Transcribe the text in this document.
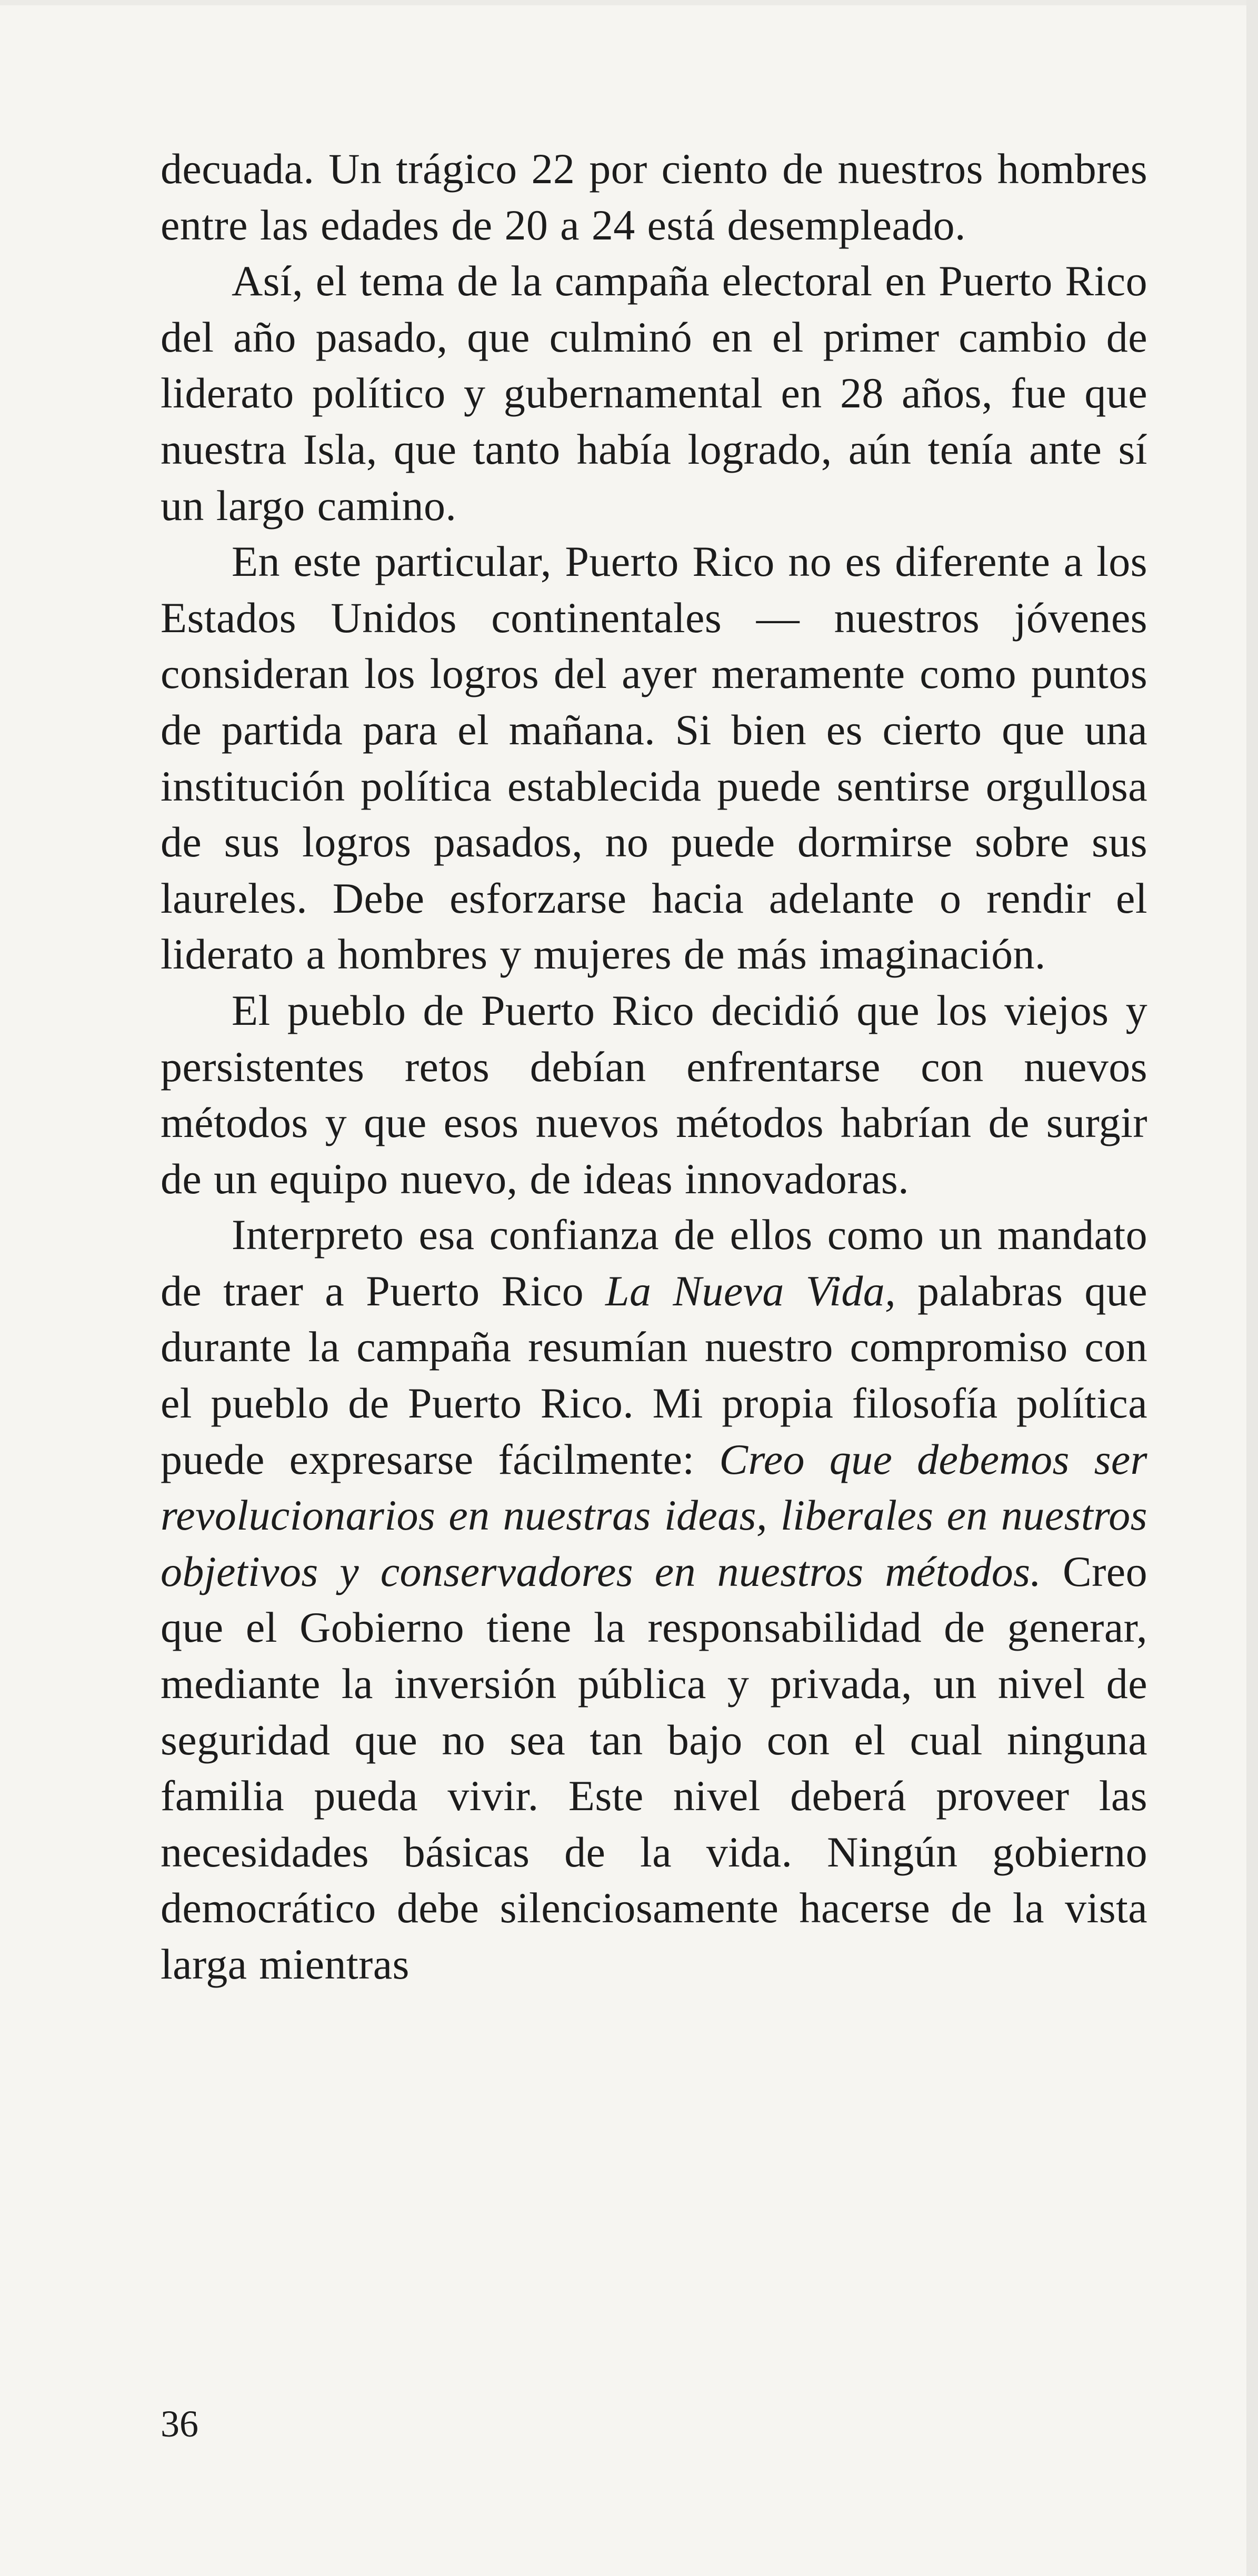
decuada. Un trágico 22 por ciento de nuestros hombres entre las edades de 20 a 24 está desempleado.

Así, el tema de la campaña electoral en Puerto Rico del año pasado, que culminó en el primer cambio de liderato político y gubernamental en 28 años, fue que nuestra Isla, que tanto había logrado, aún tenía ante sí un largo camino.

En este particular, Puerto Rico no es diferente a los Estados Unidos continentales — nuestros jóvenes consideran los logros del ayer meramente como puntos de partida para el mañana. Si bien es cierto que una institución política establecida puede sentirse orgullosa de sus logros pasados, no puede dormirse sobre sus laureles. Debe esforzarse hacia adelante o rendir el liderato a hombres y mujeres de más imaginación.

El pueblo de Puerto Rico decidió que los viejos y persistentes retos debían enfrentarse con nuevos métodos y que esos nuevos métodos habrían de surgir de un equipo nuevo, de ideas innovadoras.

Interpreto esa confianza de ellos como un mandato de traer a Puerto Rico La Nueva Vida, palabras que durante la campaña resumían nuestro compromiso con el pueblo de Puerto Rico. Mi propia filosofía política puede expresarse fácilmente: Creo que debemos ser revolucionarios en nuestras ideas, liberales en nuestros objetivos y conservadores en nuestros métodos. Creo que el Gobierno tiene la responsabilidad de generar, mediante la inversión pública y privada, un nivel de seguridad que no sea tan bajo con el cual ninguna familia pueda vivir. Este nivel deberá proveer las necesidades básicas de la vida. Ningún gobierno democrático debe silenciosamente hacerse de la vista larga mientras

36
